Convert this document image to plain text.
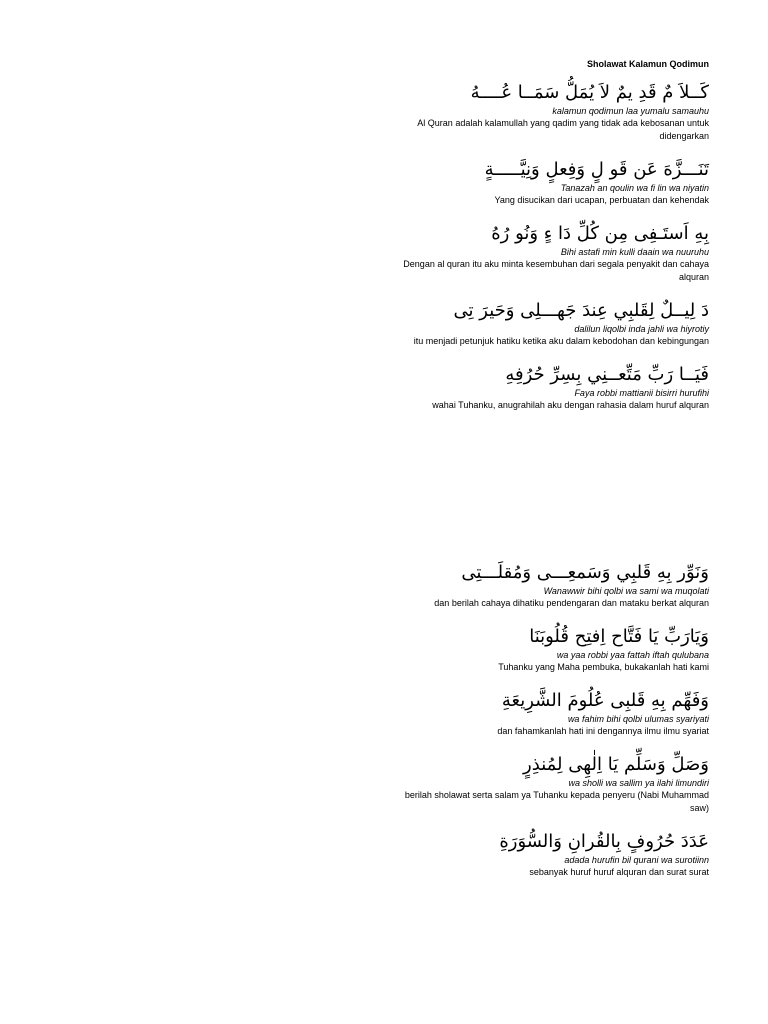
Sholawat Kalamun Qodimun
كَــلاَ مٌ قَدِ يمٌ لاَ يُمَلُّ سَمَــا عُــــهُ
kalamun qodimun laa yumalu samauhu
Al Quran adalah kalamullah yang qadim yang tidak ada kebosanan untuk didengarkan
تَنَـــزَّهَ عَن قَو لٍ وَفِعلٍ وَنِيَّـــــةٍ
Tanazah an qoulin wa fi lin wa niyatin
Yang disucikan dari ucapan, perbuatan dan kehendak
بِهِ اَستَـفِى مِن كُلِّ دَا ءٍ وَنُو رُهُ
Bihi astafi min kulli daain wa nuuruhu
Dengan al quran itu aku minta kesembuhan dari segala penyakit dan cahaya alquran
دَ لِيــلٌ لِقَلبِي عِندَ جَهـــلِى وَحَيرَ تِى
dalilun liqolbi inda jahli wa hiyrotiy
itu menjadi petunjuk hatiku ketika aku dalam kebodohan dan kebingungan
فَيَــا رَبِّ مَتِّعــنِي بِسِرِّ حُرُفِهِ
Faya robbi mattianii bisirri hurufihi
wahai Tuhanku, anugrahilah aku dengan rahasia dalam huruf alquran
وَنَوِّر بِهِ قَلبِي وَسَمعِـــى وَمُقلَـــتِى
Wanawwir bihi qolbi wa sami wa muqolati
dan berilah cahaya dihatiku pendengaran dan mataku berkat alquran
وَيَارَبِّ يَا فَتَّاح اِفتِح قُلُوبَنَا
wa yaa robbi yaa fattah iftah qulubana
Tuhanku yang Maha pembuka, bukakanlah hati kami
وَفَهِّم بِهِ قَلبِى عُلُومَ الشَّرِيعَةِ
wa fahim bihi qolbi ulumas syariyati
dan fahamkanlah hati ini dengannya ilmu ilmu syariat
وَصَلِّ وَسَلِّم يَا اِلٰهِى لِمُنذِرٍ
wa sholli wa sallim ya ilahi limundiri
berilah sholawat serta salam ya Tuhanku kepada penyeru (Nabi Muhammad saw)
عَدَدَ حُرُوفٍ بِالقُرانِ وَالسُّوَرَةِ
adada hurufin bil qurani wa surotiinn
sebanyak huruf huruf alquran dan surat surat
